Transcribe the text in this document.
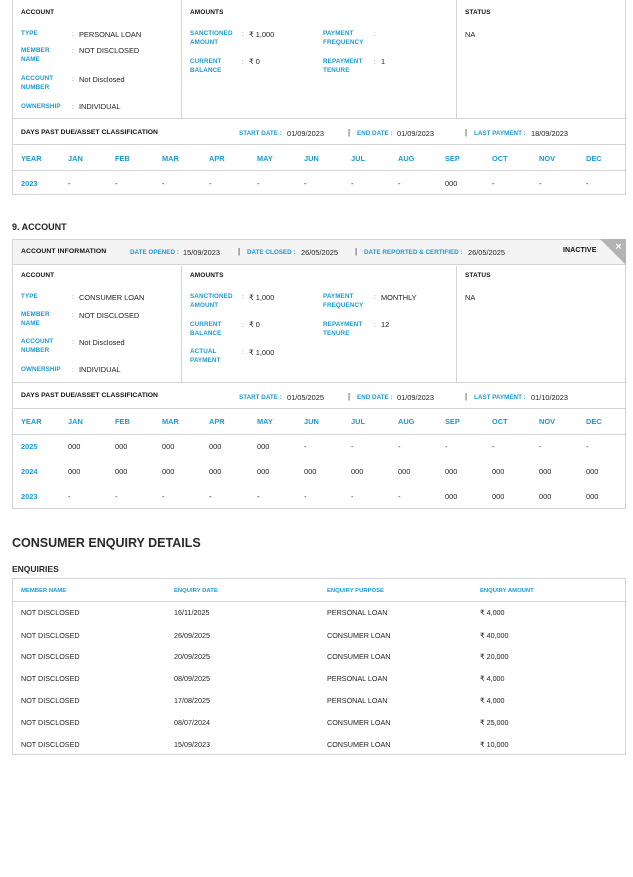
ACCOUNT	AMOUNTS	STATUS
TYPE	: PERSONAL LOAN
MEMBER NAME
: NOT DISCLOSED
ACCOUNT NUMBER
: Not Disclosed
OWNERSHIP : INDIVIDUAL
SANCTIONED AMOUNT
: ₹ 1,000
CURRENT BALANCE
: ₹ 0
PAYMENT FREQUENCY
:
REPAYMENT TENURE
: 1
NA
DAYS PAST DUE/ASSET CLASSIFICATION	START DATE : 01/09/2023	| END DATE : 01/09/2023	| LAST PAYMENT : 18/09/2023
YEAR	JAN	FEB	MAR	APR	MAY	JUN	JUL	AUG	SEP	OCT	NOV	DEC
2023	-	-	-	-	-	-	-	-	000	-	-	-
9. ACCOUNT
×
ACCOUNT INFORMATION	DATE OPENED : 15/09/2023 | DATE CLOSED : 26/05/2025 | DATE REPORTED & CERTIFIED : 26/05/2025	INACTIVE
ACCOUNT	AMOUNTS	STATUS
TYPE	: CONSUMER LOAN
MEMBER NAME
: NOT DISCLOSED
ACCOUNT NUMBER
: Not Disclosed
OWNERSHIP : INDIVIDUAL
SANCTIONED AMOUNT
: ₹ 1,000
CURRENT BALANCE
: ₹ 0
ACTUAL PAYMENT
: ₹ 1,000
PAYMENT FREQUENCY
: MONTHLY
REPAYMENT TENURE
: 12
NA
DAYS PAST DUE/ASSET CLASSIFICATION	START DATE : 01/05/2025	| END DATE : 01/09/2023	| LAST PAYMENT : 01/10/2023
YEAR	JAN	FEB	MAR	APR	MAY	JUN	JUL	AUG	SEP	OCT	NOV	DEC
2025	000	000	000	000	000	-	-	-	-	-	-	-
2024	000	000	000	000	000	000	000	000	000	000	000	000
2023	-	-	-	-	-	-	-	-	000	000	000	000
CONSUMER ENQUIRY DETAILS
ENQUIRIES
MEMBER NAME	ENQUIRY DATE	ENQUIRY PURPOSE	ENQUIRY AMOUNT
NOT DISCLOSED	16/11/2025	PERSONAL LOAN	₹ 4,000
NOT DISCLOSED	26/09/2025	CONSUMER LOAN	₹ 40,000
NOT DISCLOSED	20/09/2025	CONSUMER LOAN	₹ 20,000
NOT DISCLOSED	08/09/2025	PERSONAL LOAN	₹ 4,000
NOT DISCLOSED	17/08/2025	PERSONAL LOAN	₹ 4,000
NOT DISCLOSED	08/07/2024	CONSUMER LOAN	₹ 25,000
NOT DISCLOSED	15/09/2023	CONSUMER LOAN	₹ 10,000
